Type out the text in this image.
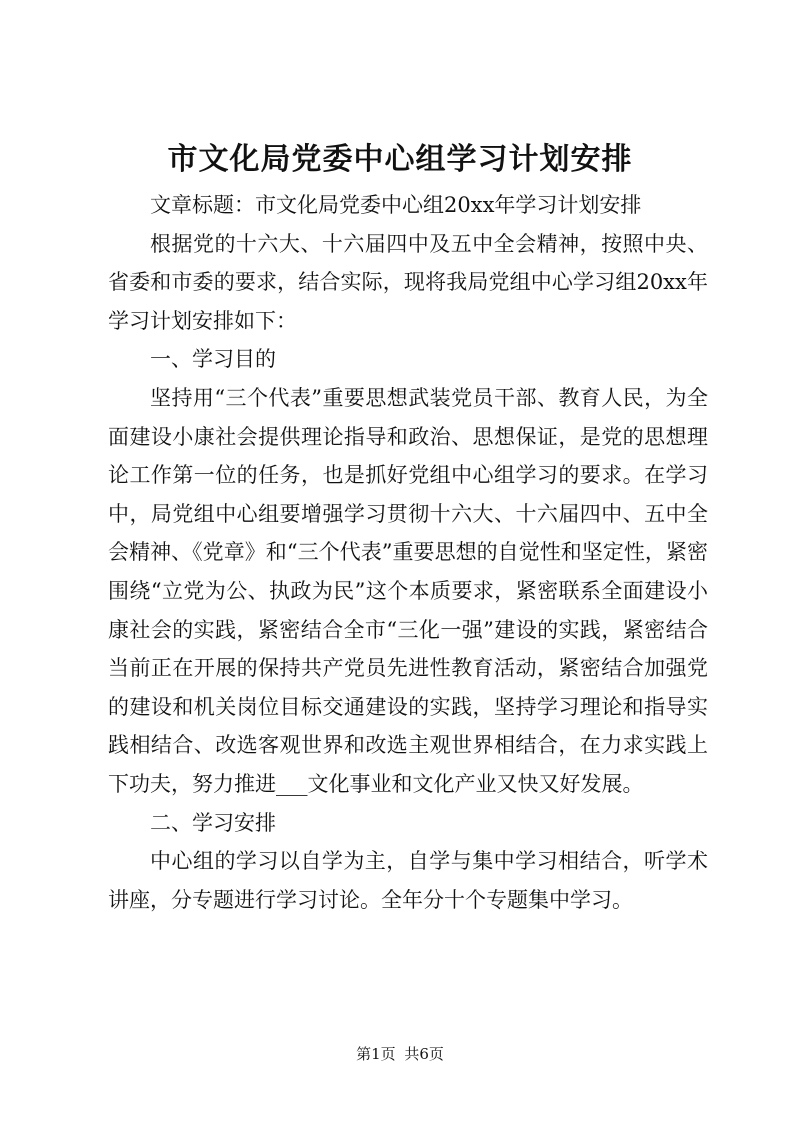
市文化局党委中心组学习计划安排

文章标题：市文化局党委中心组20xx年学习计划安排

根据党的十六大、十六届四中及五中全会精神，按照中央、省委和市委的要求，结合实际，现将我局党组中心学习组20xx年学习计划安排如下：

一、学习目的

坚持用“三个代表”重要思想武装党员干部、教育人民，为全面建设小康社会提供理论指导和政治、思想保证，是党的思想理论工作第一位的任务，也是抓好党组中心组学习的要求。在学习中，局党组中心组要增强学习贯彻十六大、十六届四中、五中全会精神、《党章》和“三个代表”重要思想的自觉性和坚定性，紧密围绕“立党为公、执政为民”这个本质要求，紧密联系全面建设小康社会的实践，紧密结合全市“三化一强”建设的实践，紧密结合当前正在开展的保持共产党员先进性教育活动，紧密结合加强党的建设和机关岗位目标交通建设的实践，坚持学习理论和指导实践相结合、改选客观世界和改选主观世界相结合，在力求实践上下功夫，努力推进___文化事业和文化产业又快又好发展。

二、学习安排

中心组的学习以自学为主，自学与集中学习相结合，听学术讲座，分专题进行学习讨论。全年分十个专题集中学习。

第1页 共6页
